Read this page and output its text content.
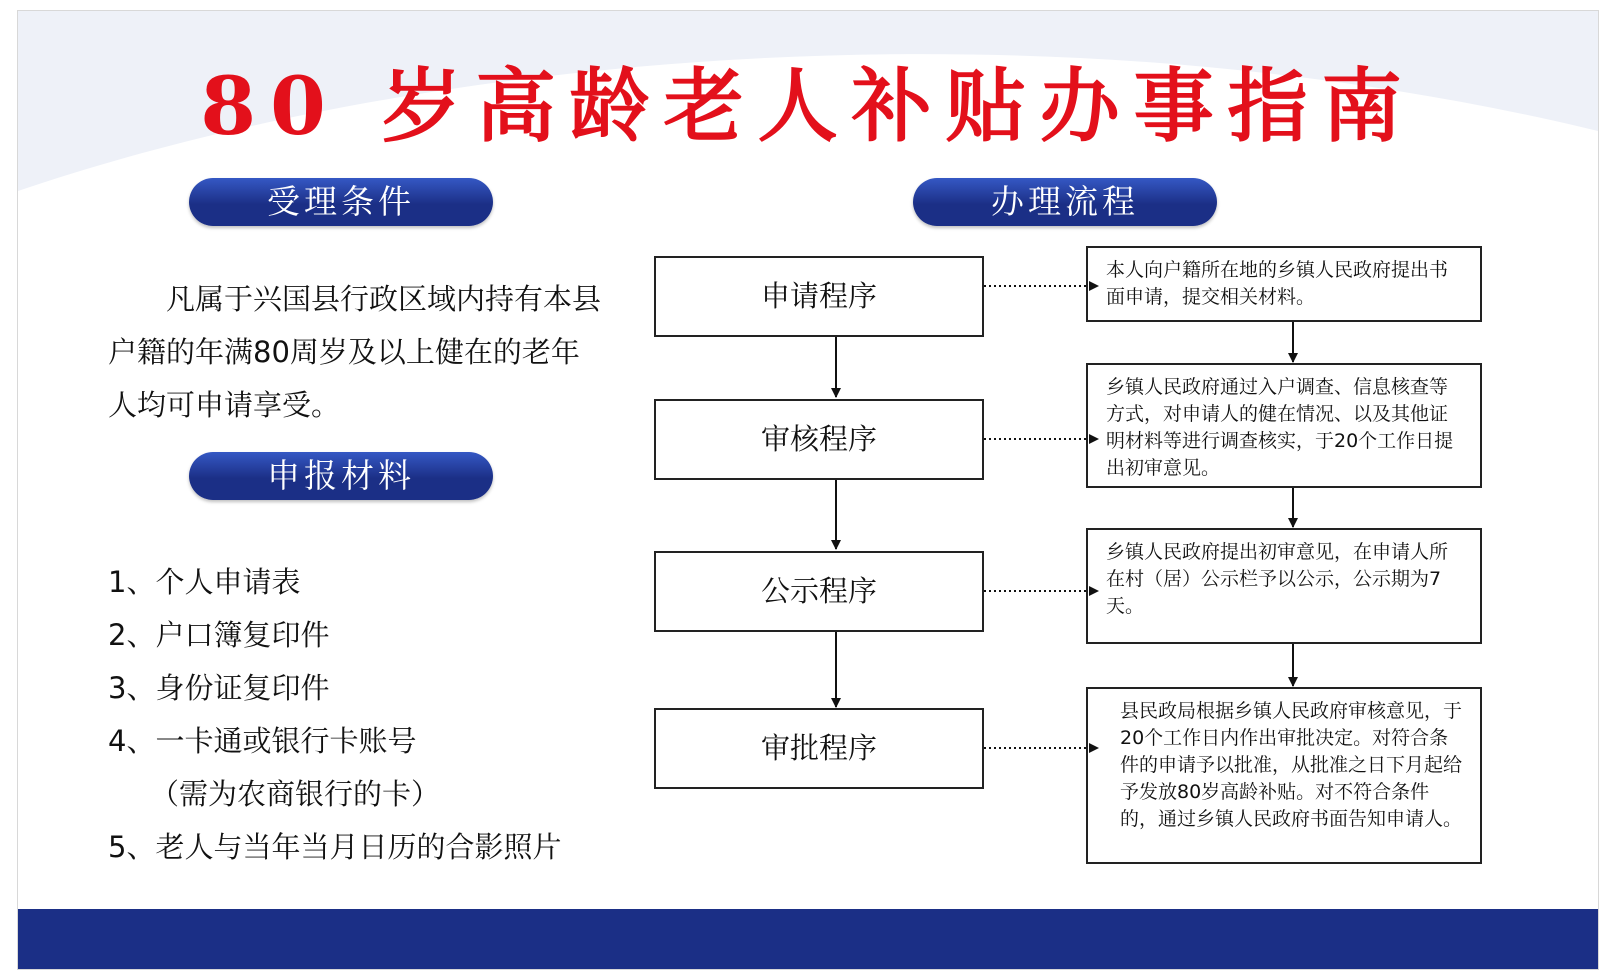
80 岁高龄老人补贴办事指南
受理条件

　　凡属于兴国县行政区域内持有本县户籍的年满80周岁及以上健在的老年人均可申请享受。

申报材料
1、个人申请表
2、户口簿复印件
3、身份证复印件
4、一卡通或银行卡账号
（需为农商银行的卡）
5、老人与当年当月日历的合影照片
办理流程
申请程序
审核程序
公示程序
审批程序
本人向户籍所在地的乡镇人民政府提出书面申请，提交相关材料。
乡镇人民政府通过入户调查、信息核查等方式，对申请人的健在情况、以及其他证明材料等进行调查核实，于20个工作日提出初审意见。
乡镇人民政府提出初审意见，在申请人所在村（居）公示栏予以公示，公示期为7天。
县民政局根据乡镇人民政府审核意见，于20个工作日内作出审批决定。对符合条件的申请予以批准，从批准之日下月起给予发放80岁高龄补贴。对不符合条件的，通过乡镇人民政府书面告知申请人。
